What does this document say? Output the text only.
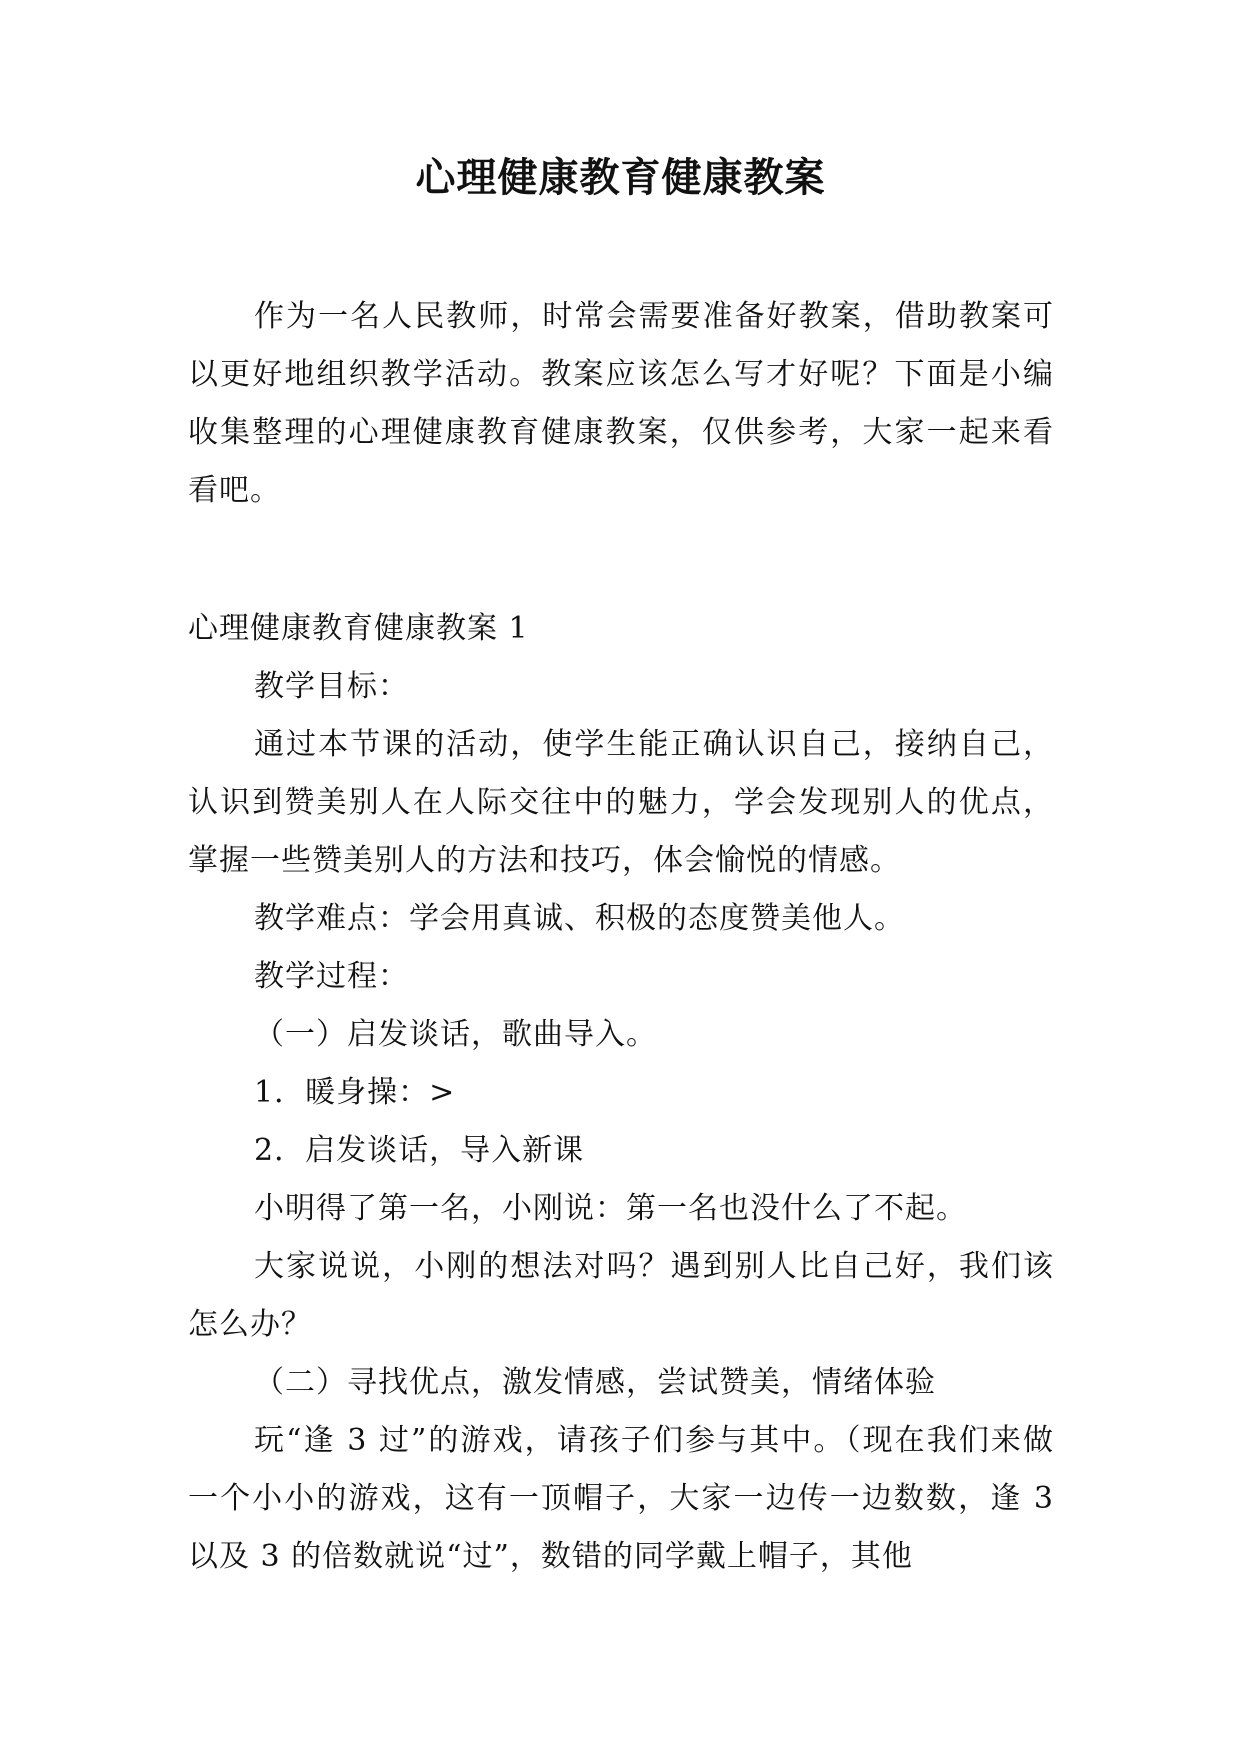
心理健康教育健康教案

作为一名人民教师，时常会需要准备好教案，借助教案可以更好地组织教学活动。教案应该怎么写才好呢？下面是小编收集整理的心理健康教育健康教案，仅供参考，大家一起来看看吧。

心理健康教育健康教案 1

教学目标：

通过本节课的活动，使学生能正确认识自己，接纳自己，认识到赞美别人在人际交往中的魅力，学会发现别人的优点，掌握一些赞美别人的方法和技巧，体会愉悦的情感。

教学难点：学会用真诚、积极的态度赞美他人。

教学过程：

（一）启发谈话，歌曲导入。

1．暖身操：>

2．启发谈话，导入新课

小明得了第一名，小刚说：第一名也没什么了不起。

大家说说，小刚的想法对吗？遇到别人比自己好，我们该怎么办？

（二）寻找优点，激发情感，尝试赞美，情绪体验

玩“逢 3 过”的游戏，请孩子们参与其中。（现在我们来做一个小小的游戏，这有一顶帽子，大家一边传一边数数，逢 3 以及 3 的倍数就说“过”，数错的同学戴上帽子，其他
